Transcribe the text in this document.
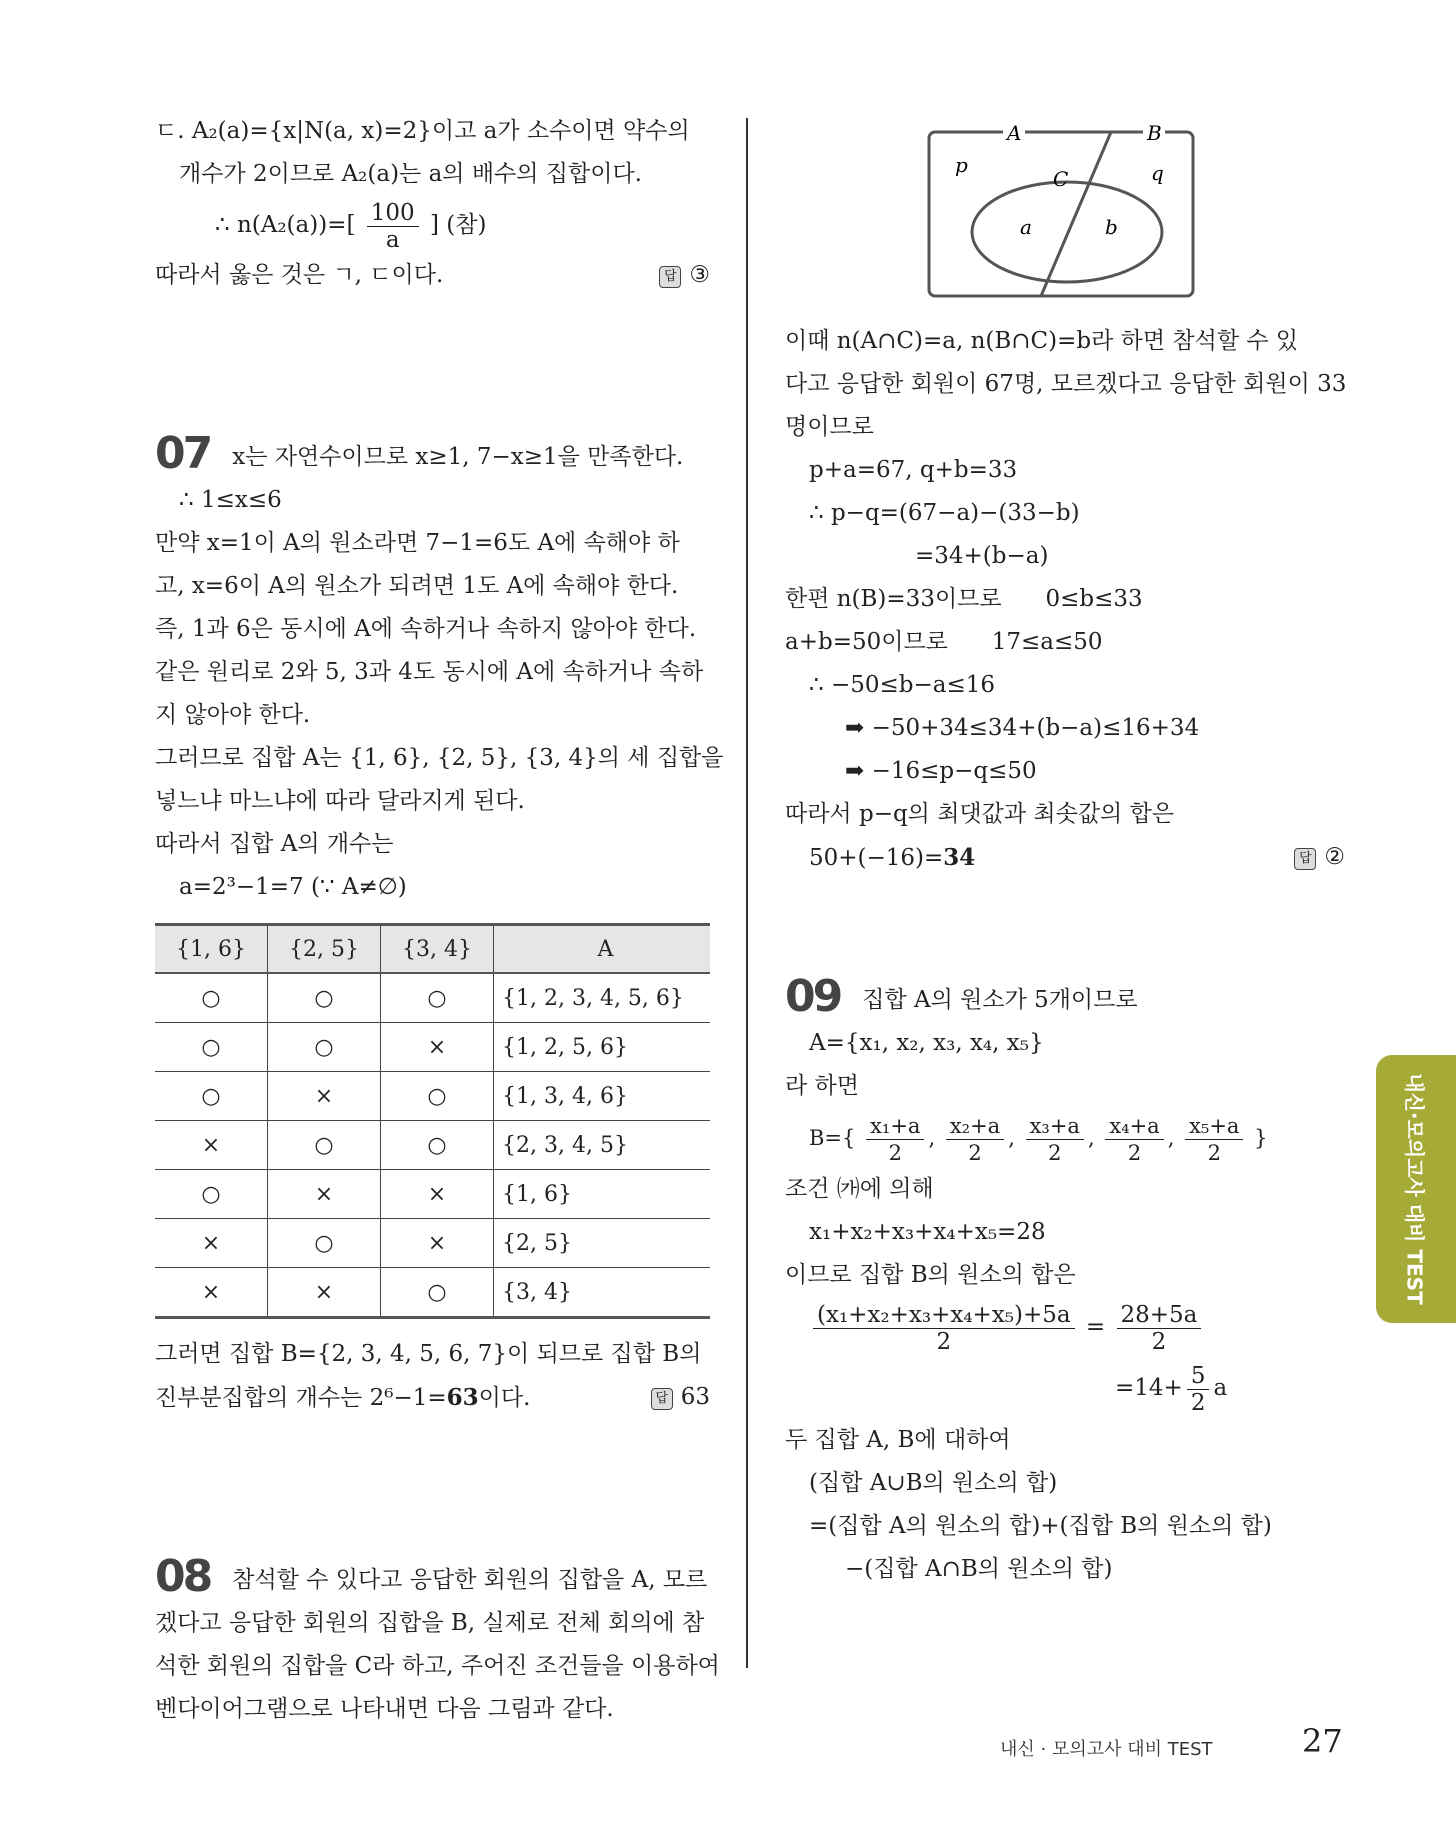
ㄷ. A₂(a)={x|N(a, x)=2}이고 a가 소수이면 약수의
개수가 2이므로 A₂(a)는 a의 배수의 집합이다.
∴ $n(A_2(a))=[ \frac{100}{a}$ ] (참)
따라서 옳은 것은 ㄱ, ㄷ이다.	답 ③
07 x는 자연수이므로 x≥1, 7−x≥1을 만족한다.
∴ 1≤x≤6
만약 x=1이 A의 원소라면 7−1=6도 A에 속해야 하
고, x=6이 A의 원소가 되려면 1도 A에 속해야 한다.
즉, 1과 6은 동시에 A에 속하거나 속하지 않아야 한다.
같은 원리로 2와 5, 3과 4도 동시에 A에 속하거나 속하
지 않아야 한다.
그러므로 집합 A는 {1, 6}, {2, 5}, {3, 4}의 세 집합을
넣느냐 마느냐에 따라 달라지게 된다.
따라서 집합 A의 개수는
a=2³−1=7 (∵ A≠∅)
{1, 6}	{2, 5}	{3, 4}	A
○	○	○	{1, 2, 3, 4, 5, 6}
○	○	×	{1, 2, 5, 6}
○	×	○	{1, 3, 4, 6}
×	○	○	{2, 3, 4, 5}
○	×	×	{1, 6}
×	○	×	{2, 5}
×	×	○	{3, 4}
그러면 집합 B={2, 3, 4, 5, 6, 7}이 되므로 집합 B의
진부분집합의 개수는 2⁶−1=63이다.	답 63
08 참석할 수 있다고 응답한 회원의 집합을 A, 모르
겠다고 응답한 회원의 집합을 B, 실제로 전체 회의에 참
석한 회원의 집합을 C라 하고, 주어진 조건들을 이용하여
벤다이어그램으로 나타내면 다음 그림과 같다.
A	B
p	q
C
a	b
이때 n(A∩C)=a, n(B∩C)=b라 하면 참석할 수 있
다고 응답한 회원이 67명, 모르겠다고 응답한 회원이 33
명이므로
p+a=67, q+b=33
∴ p−q=(67−a)−(33−b)
=34+(b−a)
한편 n(B)=33이므로      0≤b≤33
a+b=50이므로      17≤a≤50
∴ −50≤b−a≤16
➡ −50+34≤34+(b−a)≤16+34
➡ −16≤p−q≤50
따라서 p−q의 최댓값과 최솟값의 합은
50+(−16)=34	답 ②
09 집합 A의 원소가 5개이므로
A={x₁, x₂, x₃, x₄, x₅}
라 하면
$B=\{ \frac{\text{x₁+a}}{2}$ , $\frac{\text{x₂+a}}{2}$ , $\frac{\text{x₃+a}}{2}$ , $\frac{\text{x₄+a}}{2}$ , $\frac{\text{x₅+a}}{2}$ }
조건 ㈎에 의해
x₁+x₂+x₃+x₄+x₅=28
이므로 집합 B의 원소의 합은
$\frac{\text{(x₁+x₂+x₃+x₄+x₅)+5a}}{2} = \frac{28+5a}{2}$
$=14+ \frac{5}{2}$ a
두 집합 A, B에 대하여
(집합 A∪B의 원소의 합)
=(집합 A의 원소의 합)+(집합 B의 원소의 합)
−(집합 A∩B의 원소의 합)
내신·모의고사 대비 TEST
내신 · 모의고사 대비 TEST	27
